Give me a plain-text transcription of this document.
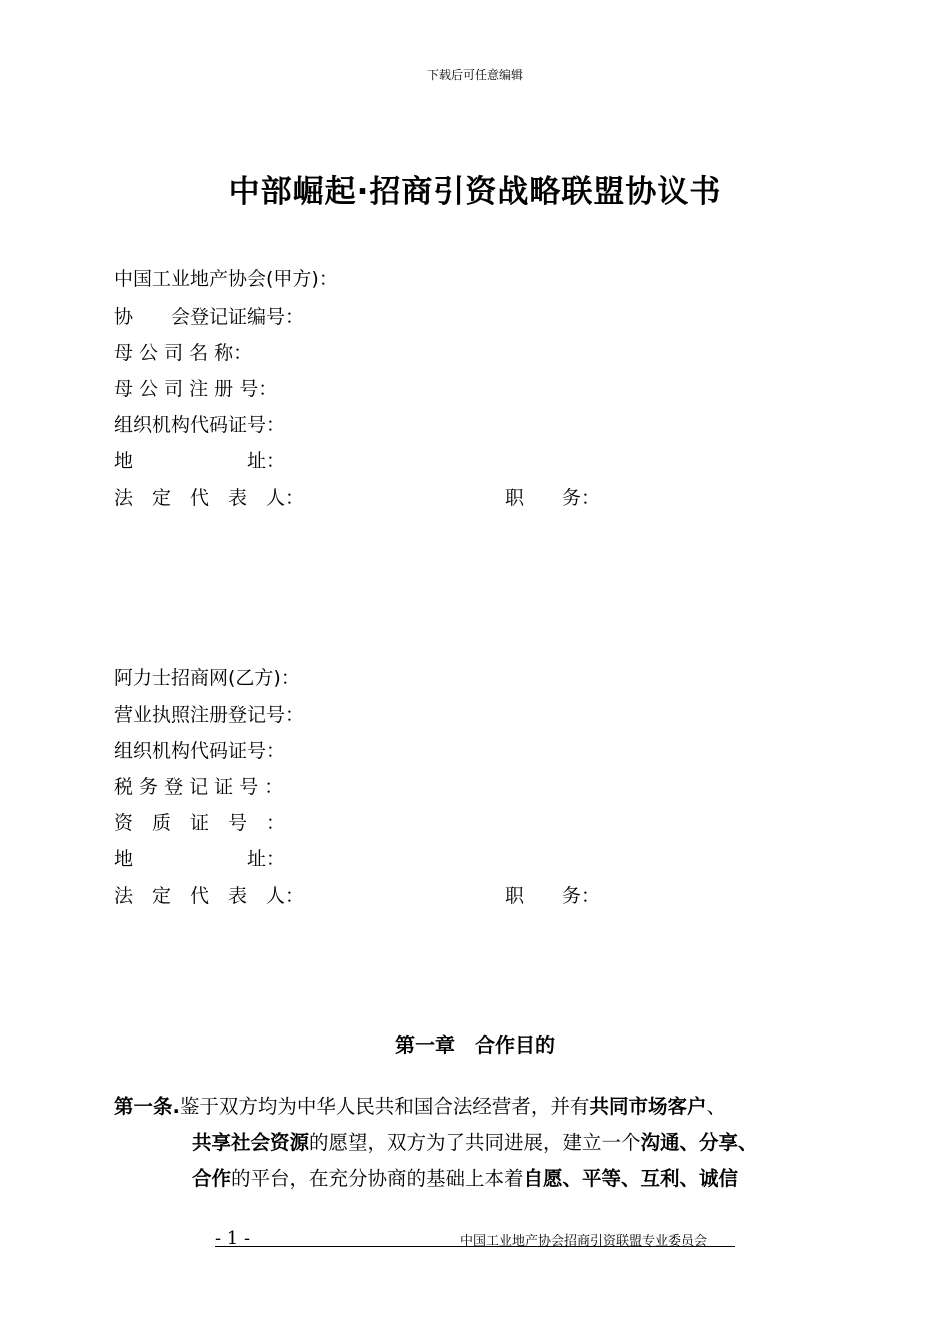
下载后可任意编辑
中部崛起·招商引资战略联盟协议书
中国工业地产协会(甲方)：
协　　会登记证编号：
母 公 司 名 称：
母 公 司 注 册 号：
组织机构代码证号：
地　　　　　　址：
法　定　代　表　人：	职　　务：
阿力士招商网(乙方)：
营业执照注册登记号：
组织机构代码证号：
税 务 登 记 证 号 ：
资　质　证　号　：
地　　　　　　址：
法　定　代　表　人：	职　　务：
第一章　合作目的
第一条.鉴于双方均为中华人民共和国合法经营者，并有共同市场客户、
共享社会资源的愿望，双方为了共同进展，建立一个沟通、分享、
合作的平台，在充分协商的基础上本着自愿、平等、互利、诚信
- 1 -	中国工业地产协会招商引资联盟专业委员会
